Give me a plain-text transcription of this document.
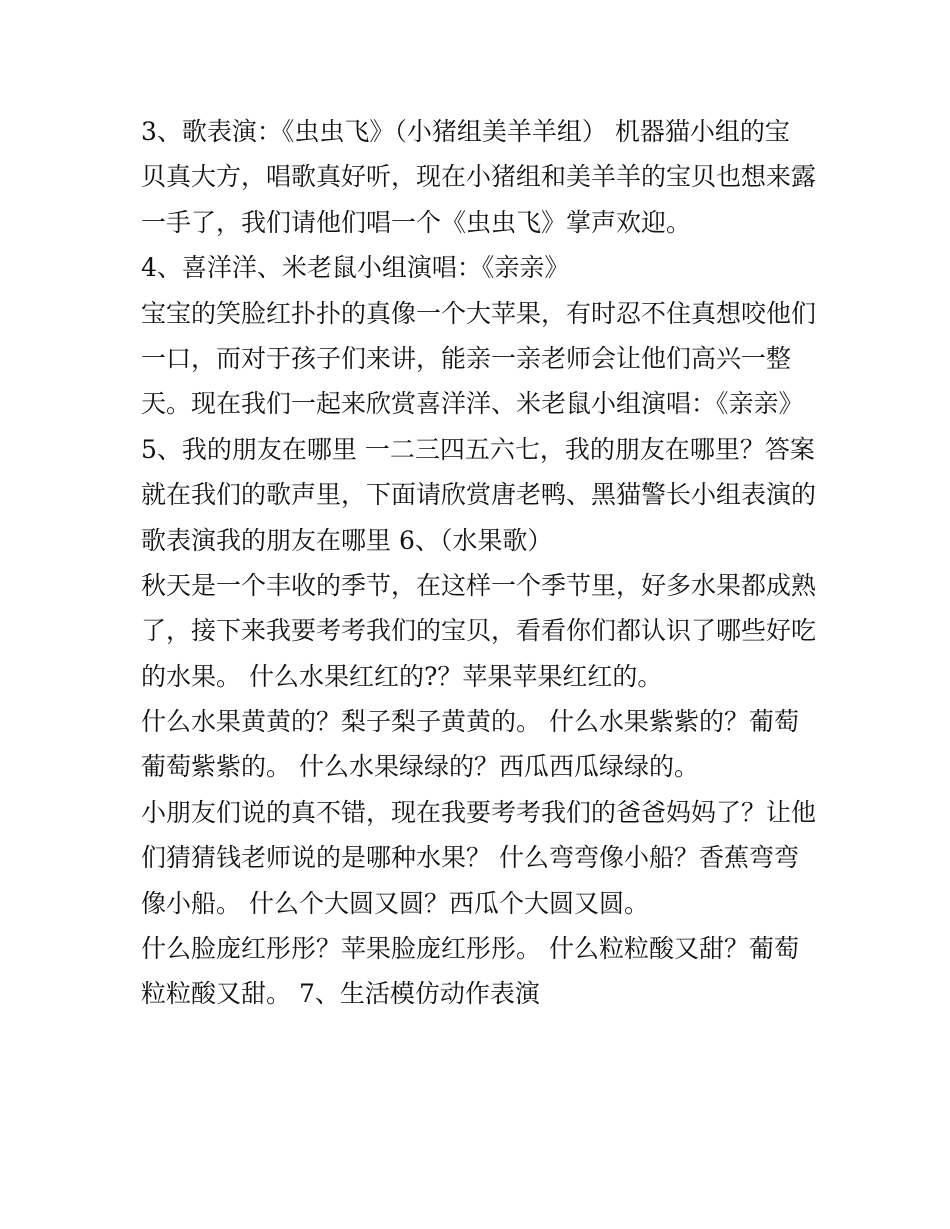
3、歌表演：《虫虫飞》（小猪组美羊羊组） 机器猫小组的宝
贝真大方，唱歌真好听，现在小猪组和美羊羊的宝贝也想来露
一手了，我们请他们唱一个《虫虫飞》掌声欢迎。
4、喜洋洋、米老鼠小组演唱：《亲亲》
宝宝的笑脸红扑扑的真像一个大苹果，有时忍不住真想咬他们
一口，而对于孩子们来讲，能亲一亲老师会让他们高兴一整
天。现在我们一起来欣赏喜洋洋、米老鼠小组演唱：《亲亲》
5、我的朋友在哪里 一二三四五六七，我的朋友在哪里？答案
就在我们的歌声里，下面请欣赏唐老鸭、黑猫警长小组表演的
歌表演我的朋友在哪里 6、（水果歌）
秋天是一个丰收的季节，在这样一个季节里，好多水果都成熟
了，接下来我要考考我们的宝贝，看看你们都认识了哪些好吃
的水果。 什么水果红红的?？苹果苹果红红的。
什么水果黄黄的？梨子梨子黄黄的。 什么水果紫紫的？葡萄
葡萄紫紫的。 什么水果绿绿的？西瓜西瓜绿绿的。
小朋友们说的真不错，现在我要考考我们的爸爸妈妈了？让他
们猜猜钱老师说的是哪种水果？ 什么弯弯像小船？香蕉弯弯
像小船。 什么个大圆又圆？西瓜个大圆又圆。
什么脸庞红彤彤？苹果脸庞红彤彤。 什么粒粒酸又甜？葡萄
粒粒酸又甜。 7、生活模仿动作表演
